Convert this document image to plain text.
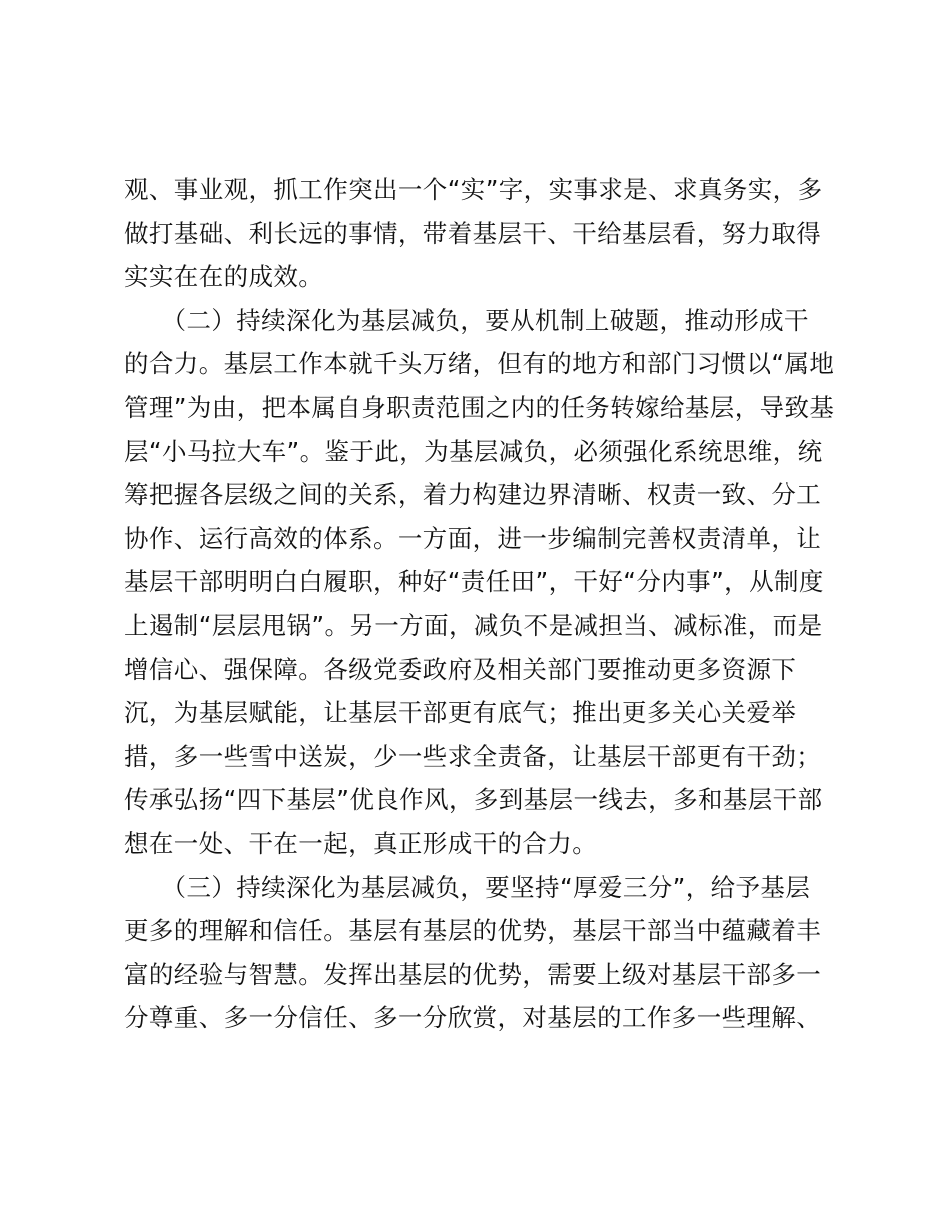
观、事业观，抓工作突出一个“实”字，实事求是、求真务实，多
做打基础、利长远的事情，带着基层干、干给基层看，努力取得
实实在在的成效。
　　（二）持续深化为基层减负，要从机制上破题，推动形成干
的合力。基层工作本就千头万绪，但有的地方和部门习惯以“属地
管理”为由，把本属自身职责范围之内的任务转嫁给基层，导致基
层“小马拉大车”。鉴于此，为基层减负，必须强化系统思维，统
筹把握各层级之间的关系，着力构建边界清晰、权责一致、分工
协作、运行高效的体系。一方面，进一步编制完善权责清单，让
基层干部明明白白履职，种好“责任田”，干好“分内事”，从制度
上遏制“层层甩锅”。另一方面，减负不是减担当、减标准，而是
增信心、强保障。各级党委政府及相关部门要推动更多资源下
沉，为基层赋能，让基层干部更有底气；推出更多关心关爱举
措，多一些雪中送炭，少一些求全责备，让基层干部更有干劲；
传承弘扬“四下基层”优良作风，多到基层一线去，多和基层干部
想在一处、干在一起，真正形成干的合力。
　　（三）持续深化为基层减负，要坚持“厚爱三分”，给予基层
更多的理解和信任。基层有基层的优势，基层干部当中蕴藏着丰
富的经验与智慧。发挥出基层的优势，需要上级对基层干部多一
分尊重、多一分信任、多一分欣赏，对基层的工作多一些理解、
